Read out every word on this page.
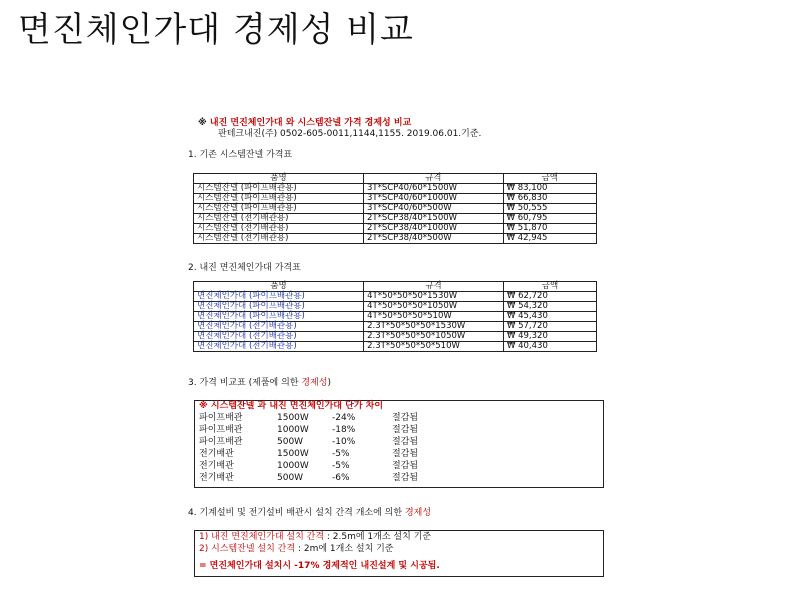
면진체인가대 경제성 비교
※ 내진 면진체인가대 와 시스템잔넬 가격 경제성 비교
판테크내진(주) 0502-605-0011,1144,1155. 2019.06.01.기준.
1. 기존 시스템잔넬 가격표
품명	규격	금액
시스템잔넬 (파이프배관용)	3T*SCP40/60*1500W	₩ 83,100
시스템잔넬 (파이프배관용)	3T*SCP40/60*1000W	₩ 66,830
시스템잔넬 (파이프배관용)	3T*SCP40/60*500W	₩ 50,555
시스템잔넬 (전기배관용)	2T*SCP38/40*1500W	₩ 60,795
시스템잔넬 (전기배관용)	2T*SCP38/40*1000W	₩ 51,870
시스템잔넬 (전기배관용)	2T*SCP38/40*500W	₩ 42,945
2. 내진 면진체인가대 가격표
품명	규격	금액
면진체인가대 (파이프배관용)	4T*50*50*50*1530W	₩ 62,720
면진체인가대 (파이프배관용)	4T*50*50*50*1050W	₩ 54,320
면진체인가대 (파이프배관용)	4T*50*50*50*510W	₩ 45,430
면진체인가대 (전기배관용)	2.3T*50*50*50*1530W	₩ 57,720
면진체인가대 (전기배관용)	2.3T*50*50*50*1050W	₩ 49,320
면진체인가대 (전기배관용)	2.3T*50*50*50*510W	₩ 40,430
3. 가격 비교표 (제품에 의한 경제성)
※ 시스템잔넬 과 내진 면진체인가대 단가 차이
파이프배관	1500W	-24%	절감됨
파이프배관	1000W	-18%	절감됨
파이프배관	500W	-10%	절감됨
전기배관	1500W	-5%	절감됨
전기배관	1000W	-5%	절감됨
전기배관	500W	-6%	절감됨
4. 기계설비 및 전기설비 배관시 설치 간격 개소에 의한 경제성
1) 내진 면진체인가대 설치 간격 : 2.5m에 1개소 설치 기준
2) 시스템잔넬 설치 간격 : 2m에 1개소 설치 기준
= 면진체인가대 설치시 -17% 경제적인 내진설계 및 시공됨.
